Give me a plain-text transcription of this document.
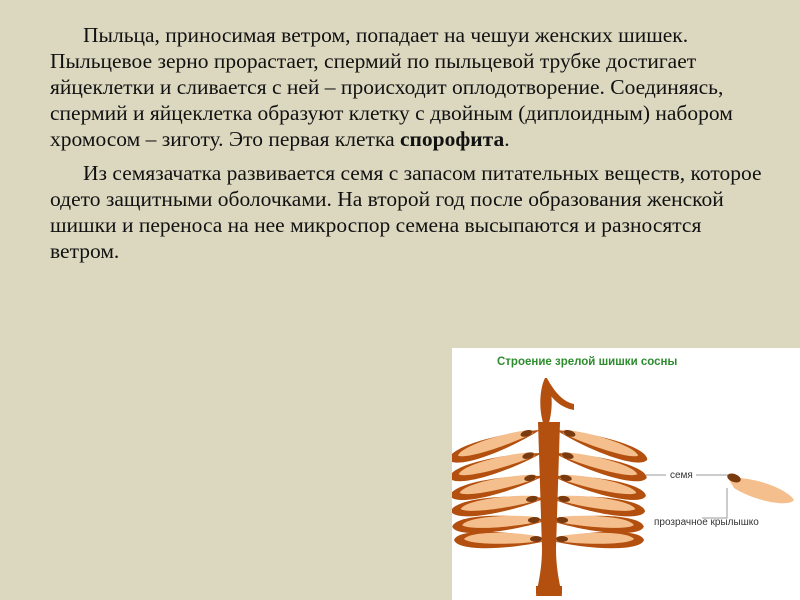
Пыльца, приносимая ветром, попадает на чешуи женских шишек. Пыльцевое зерно прорастает, спермий по пыльцевой трубке достигает яйцеклетки и сливается с ней – происходит оплодотворение. Соединяясь, спермий и яйцеклетка образуют клетку с двойным (диплоидным) набором хромосом – зиготу. Это первая клетка спорофита.

Из семязачатка развивается семя с запасом питательных веществ, которое одето защитными оболочками. На второй год после образования женской шишки и переноса на нее микроспор семена высыпаются и разносятся ветром.

Строение зрелой шишки сосны
семя
прозрачное крылышко
